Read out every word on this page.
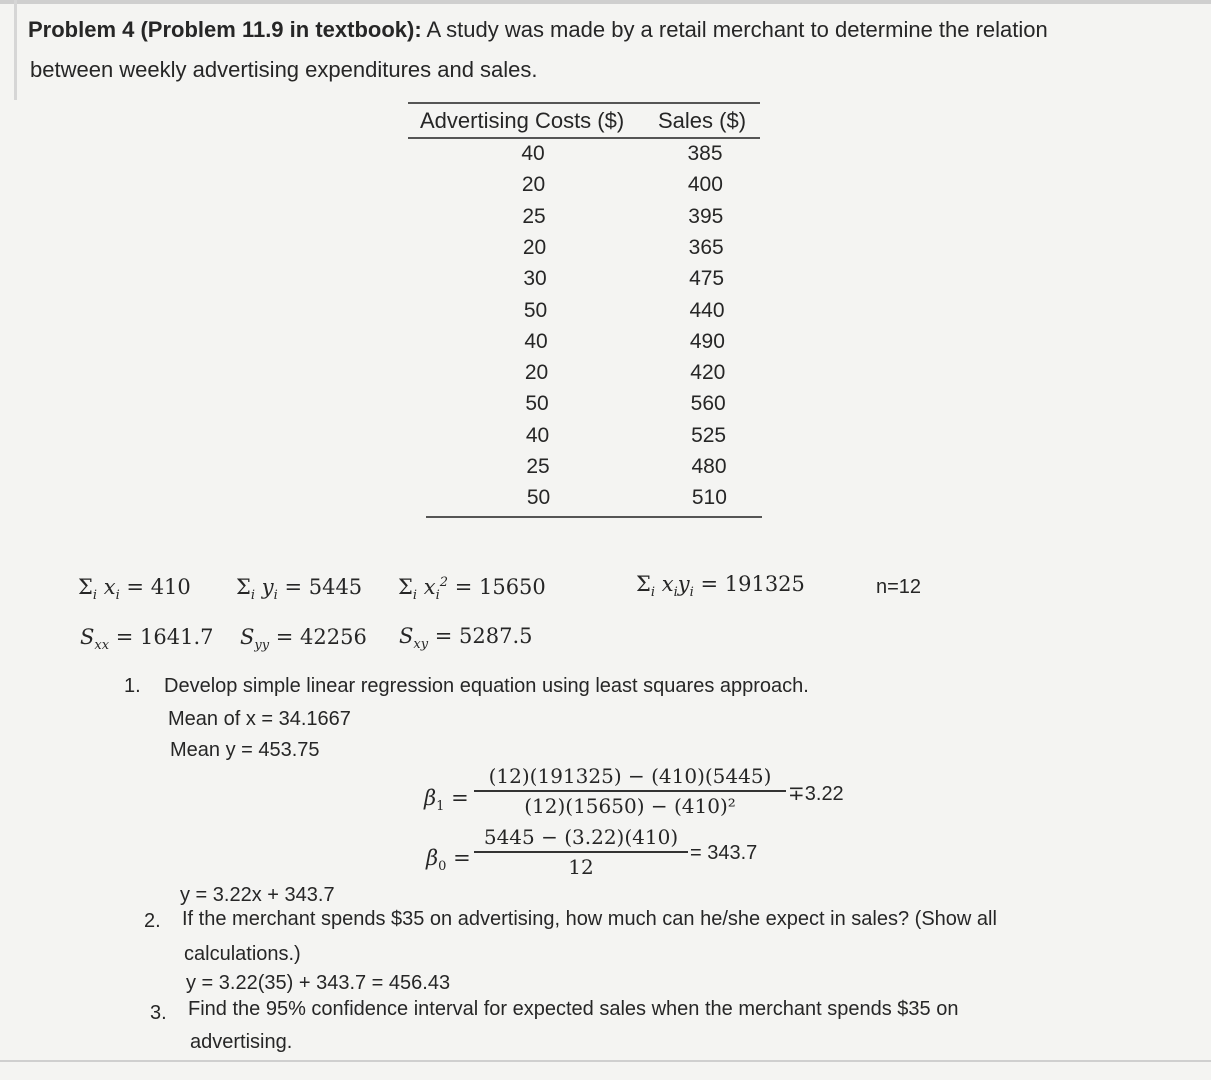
Problem 4 (Problem 11.9 in textbook): A study was made by a retail merchant to determine the relation
between weekly advertising expenditures and sales.
Advertising Costs ($) Sales ($)
40	385
20	400
25	395
20	365
30	475
50	440
40	490
20	420
50	560
40	525
25	480
50	510
$\Sigma_i$ $x_i = 410$ $\Sigma_i$ $y_i = 5445$ $\Sigma_i$ $x_i^2 = 15650$	$\Sigma_i$ $x_iy_i = 191325$	n=12
$S_{xx} = 1641.7$ $S_{yy} = 42256$ $S_{xy} = 5287.5$
1. Develop simple linear regression equation using least squares approach.
Mean of x = 34.1667
Mean y = 453.75
$\beta_1$ =
(12)(191325) − (410)(5445)
(12)(15650) − (410)²	∓3.22
$\beta_0$ =
5445 − (3.22)(410)
12
= 343.7
y = 3.22x + 343.7
2. If the merchant spends $35 on advertising, how much can he/she expect in sales? (Show all
calculations.)
y = 3.22(35) + 343.7 = 456.43
3. Find the 95% confidence interval for expected sales when the merchant spends $35 on
advertising.
